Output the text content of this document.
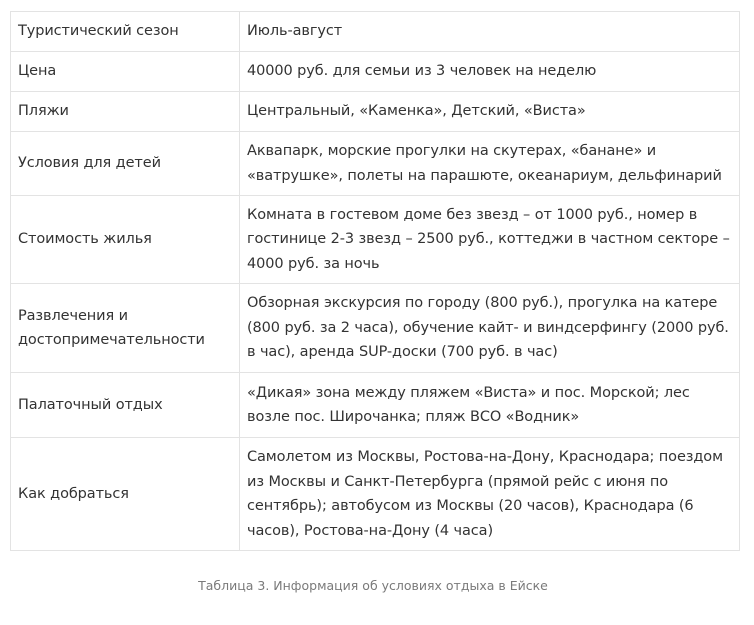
Туристический сезон	Июль-август
Цена	40000 руб. для семьи из 3 человек на неделю
Пляжи	Центральный, «Каменка», Детский, «Виста»
Условия для детей	Аквапарк, морские прогулки на скутерах, «банане» и «ватрушке», полеты на парашюте, океанариум, дельфинарий
Стоимость жилья	Комната в гостевом доме без звезд – от 1000 руб., номер в гостинице 2-3 звезд – 2500 руб., коттеджи в частном секторе – 4000 руб. за ночь
Развлечения и достопримечательности	Обзорная экскурсия по городу (800 руб.), прогулка на катере (800 руб. за 2 часа), обучение кайт- и виндсерфингу (2000 руб. в час), аренда SUP-доски (700 руб. в час)
Палаточный отдых	«Дикая» зона между пляжем «Виста» и пос. Морской; лес возле пос. Широчанка; пляж ВСО «Водник»
Как добраться	Самолетом из Москвы, Ростова-на-Дону, Краснодара; поездом из Москвы и Санкт-Петербурга (прямой рейс с июня по сентябрь); автобусом из Москвы (20 часов), Краснодара (6 часов), Ростова-на-Дону (4 часа)
Таблица 3. Информация об условиях отдыха в Ейске
